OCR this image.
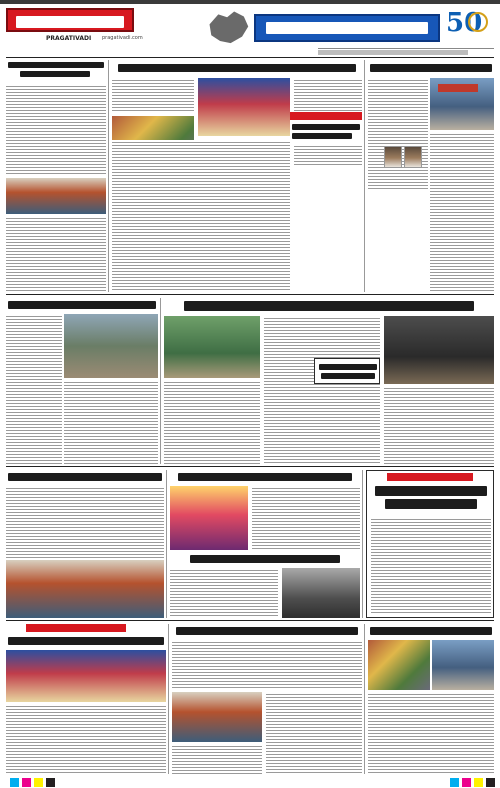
PRAGATIVADI pragativadi.com	50
